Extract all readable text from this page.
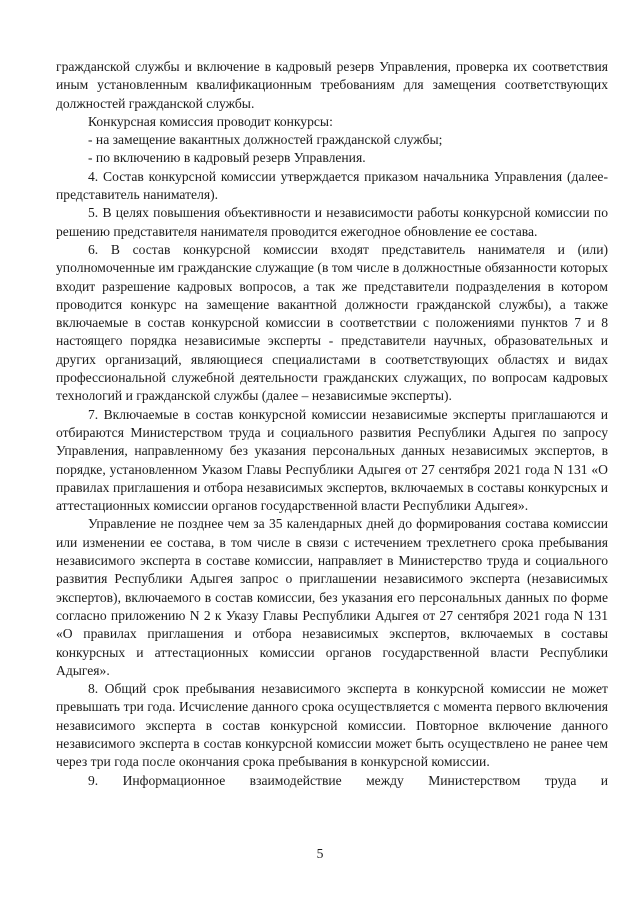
гражданской службы и включение в кадровый резерв Управления, проверка их соответствия иным установленным квалификационным требованиям для замещения соответствующих должностей гражданской службы.

Конкурсная комиссия проводит конкурсы:

- на замещение вакантных должностей гражданской службы;

- по включению в кадровый резерв Управления.

4. Состав конкурсной комиссии утверждается приказом начальника Управления (далее- представитель нанимателя).

5. В целях повышения объективности и независимости работы конкурсной комиссии по решению представителя нанимателя проводится ежегодное обновление ее состава.

6. В состав конкурсной комиссии входят представитель нанимателя и (или) уполномоченные им гражданские служащие (в том числе в должностные обязанности которых входит разрешение кадровых вопросов, а так же представители подразделения в котором проводится конкурс на замещение вакантной должности гражданской службы), а также включаемые в состав конкурсной комиссии в соответствии с положениями пунктов 7 и 8 настоящего порядка независимые эксперты - представители научных, образовательных и других организаций, являющиеся специалистами в соответствующих областях и видах профессиональной служебной деятельности гражданских служащих, по вопросам кадровых технологий и гражданской службы (далее – независимые эксперты).

7. Включаемые в состав конкурсной комиссии независимые эксперты приглашаются и отбираются Министерством труда и социального развития Республики Адыгея по запросу Управления, направленному без указания персональных данных независимых экспертов, в порядке, установленном Указом Главы Республики Адыгея от 27 сентября 2021 года N 131 «О правилах приглашения и отбора независимых экспертов, включаемых в составы конкурсных и аттестационных комиссии органов государственной власти Республики Адыгея».

Управление не позднее чем за 35 календарных дней до формирования состава комиссии или изменении ее состава, в том числе в связи с истечением трехлетнего срока пребывания независимого эксперта в составе комиссии, направляет в Министерство труда и социального развития Республики Адыгея запрос о приглашении независимого эксперта (независимых экспертов), включаемого в состав комиссии, без указания его персональных данных по форме согласно приложению N 2 к Указу Главы Республики Адыгея от 27 сентября 2021 года N 131 «О правилах приглашения и отбора независимых экспертов, включаемых в составы конкурсных и аттестационных комиссии органов государственной власти Республики Адыгея».

8. Общий срок пребывания независимого эксперта в конкурсной комиссии не может превышать три года. Исчисление данного срока осуществляется с момента первого включения независимого эксперта в состав конкурсной комиссии. Повторное включение данного независимого эксперта в состав конкурсной комиссии может быть осуществлено не ранее чем через три года после окончания срока пребывания в конкурсной комиссии.

9. Информационное взаимодействие между Министерством труда и

5
